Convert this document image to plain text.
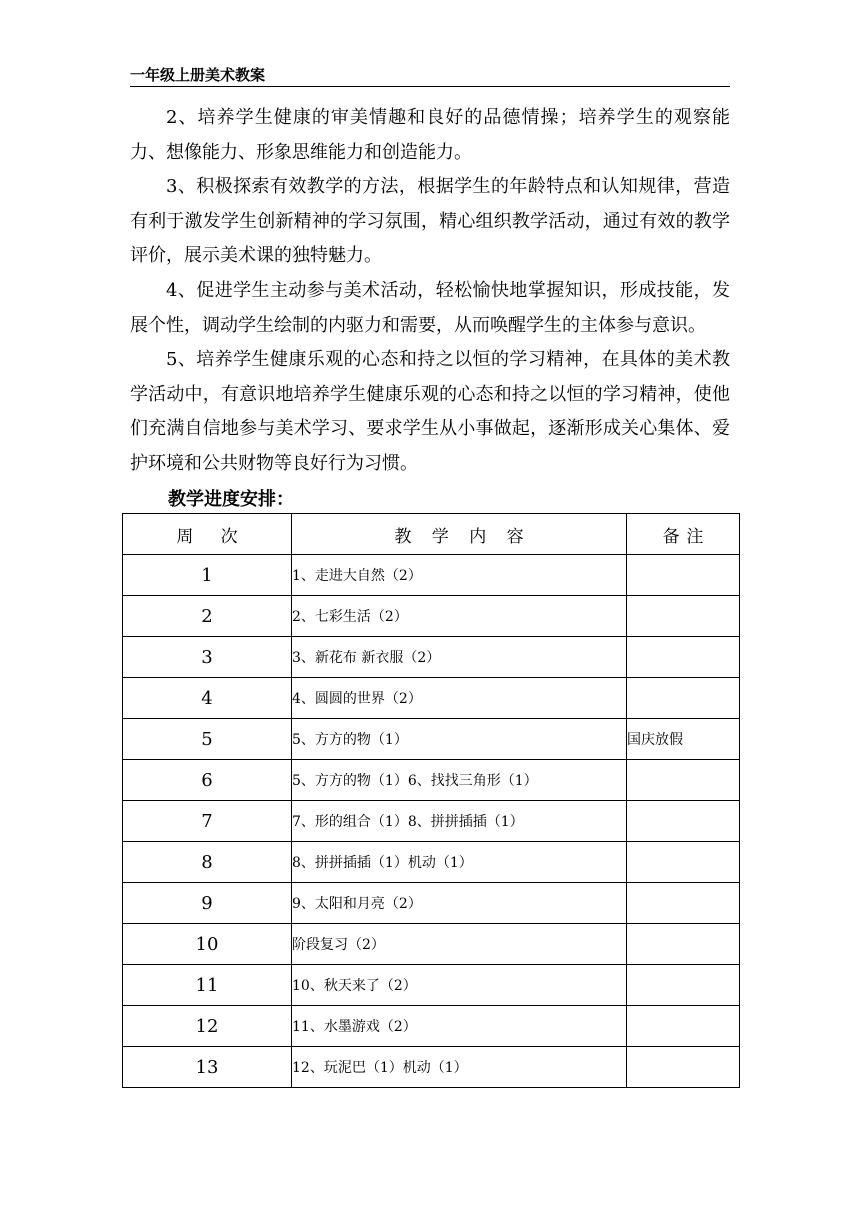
一年级上册美术教案

2、培养学生健康的审美情趣和良好的品德情操；培养学生的观察能力、想像能力、形象思维能力和创造能力。

3、积极探索有效教学的方法，根据学生的年龄特点和认知规律，营造有利于激发学生创新精神的学习氛围，精心组织教学活动，通过有效的教学评价，展示美术课的独特魅力。

4、促进学生主动参与美术活动，轻松愉快地掌握知识，形成技能，发展个性，调动学生绘制的内驱力和需要，从而唤醒学生的主体参与意识。

5、培养学生健康乐观的心态和持之以恒的学习精神，在具体的美术教学活动中，有意识地培养学生健康乐观的心态和持之以恒的学习精神，使他们充满自信地参与美术学习、要求学生从小事做起，逐渐形成关心集体、爱护环境和公共财物等良好行为习惯。

教学进度安排：
周次	教学内容	备注
1	1、走进大自然（2）	
2	2、七彩生活（2）	
3	3、新花布 新衣服（2）	
4	4、圆圆的世界（2）	
5	5、方方的物（1）	国庆放假
6	5、方方的物（1）6、找找三角形（1）	
7	7、形的组合（1）8、拼拼插插（1）	
8	8、拼拼插插（1）机动（1）	
9	9、太阳和月亮（2）	
10	阶段复习（2）	
11	10、秋天来了（2）	
12	11、水墨游戏（2）	
13	12、玩泥巴（1）机动（1）	
